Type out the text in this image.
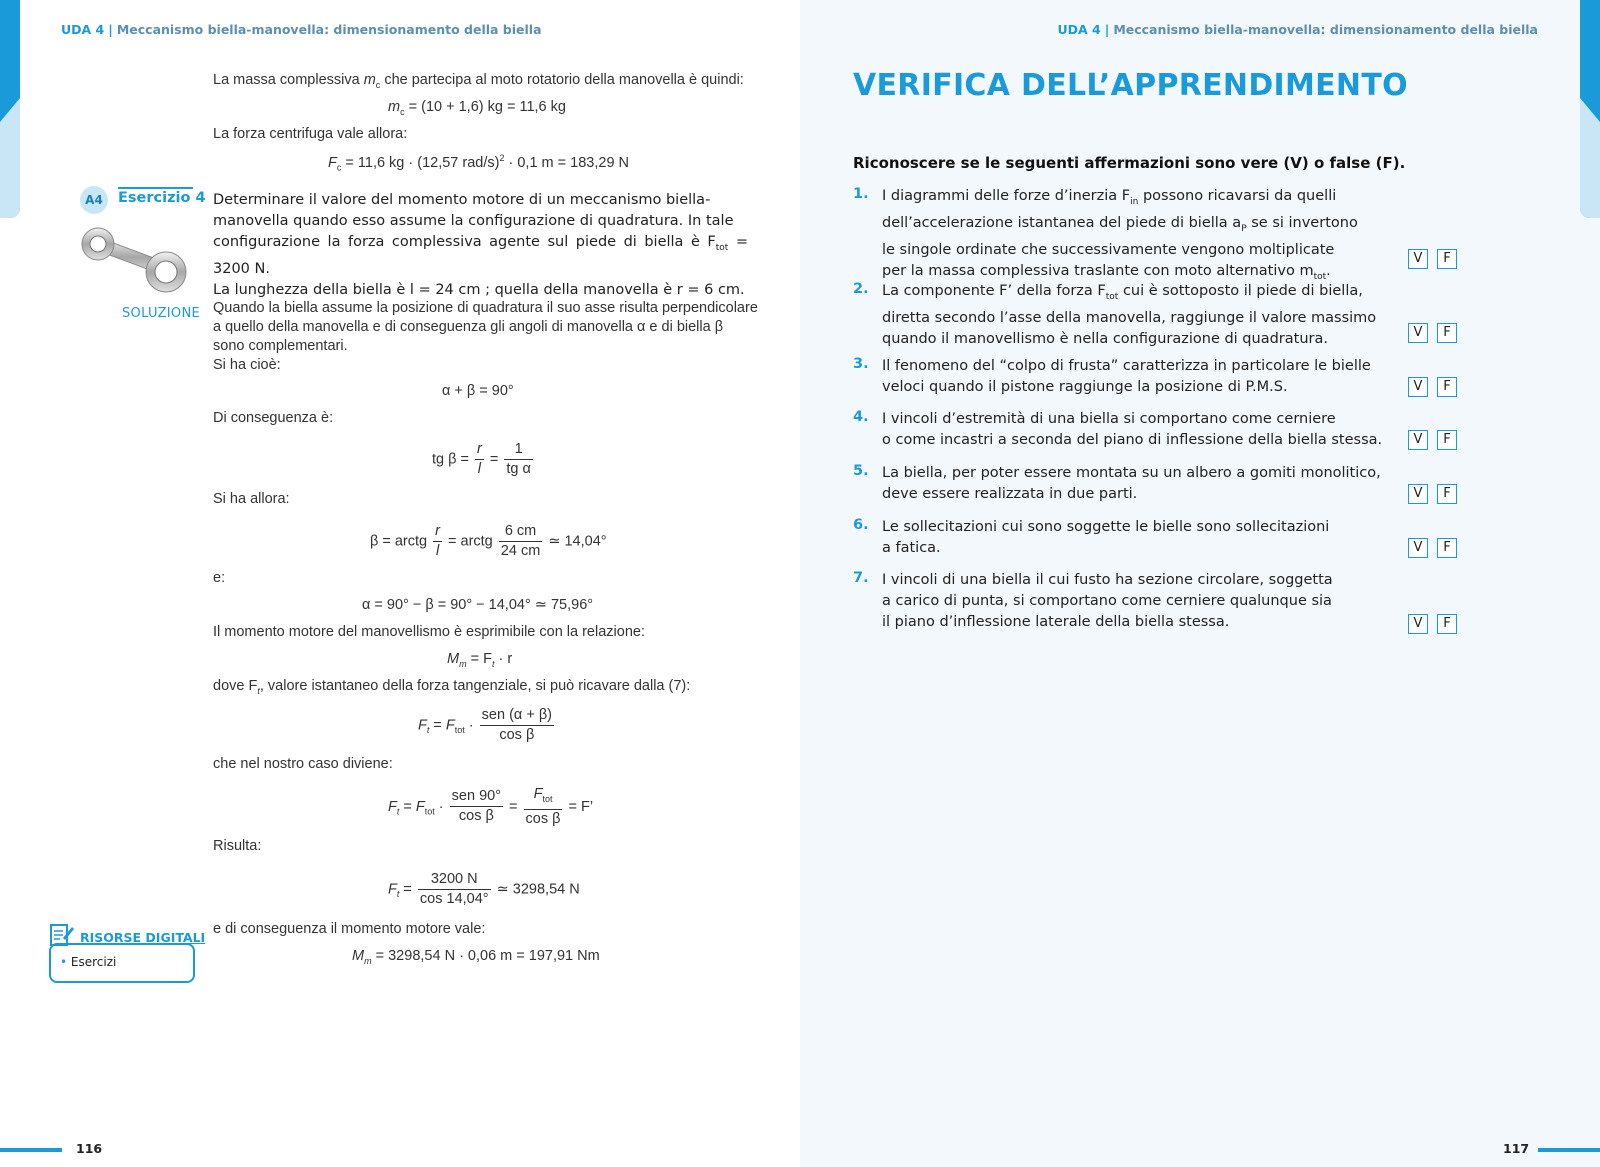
UDA 4 | Meccanismo biella-manovella: dimensionamento della biella
La massa complessiva $m_c$ che partecipa al moto rotatorio della manovella è quindi:
$m_c = (10 + 1,6)$ kg = 11,6 kg
La forza centrifuga vale allora:
$F_c = 11,6$ kg · (12,57 rad/s)$^2$ · 0,1 m = 183,29 N
A4	Esercizio 4 Determinare il valore del momento motore di un meccanismo biella-
manovella quando esso assume la configurazione di quadratura. In tale
configurazione la forza complessiva agente sul piede di biella è $F_{tot} = 3200$ N.
La lunghezza della biella è l = 24 cm ; quella della manovella è r = 6 cm.
SOLUZIONE Quando la biella assume la posizione di quadratura il suo asse risulta perpendicolare
a quello della manovella e di conseguenza gli angoli di manovella α e di biella β
sono complementari.
Si ha cioè:
α + β = 90°
Di conseguenza è:
tg $\beta = \frac{r}{l} = \frac{1}{\text{tg α}}$
Si ha allora:
β = arctg $\frac{r}{l}$ = arctg $\frac{6 cm}{24 cm}$ ≃ 14,04°
e:
α = 90° − β = 90° − 14,04° ≃ 75,96°
Il momento motore del manovellismo è esprimibile con la relazione:
$M_m = F_t \cdot r$
dove $F_t$, valore istantaneo della forza tangenziale, si può ricavare dalla (7):
$F_t = F_{tot} \cdot \frac{\text{sen (α + β)}}{\text{cos β}}$
che nel nostro caso diviene:
$F_t = F_{tot} \cdot \frac{\text{sen 90°}}{\text{cos β}} = \frac{F_{tot}}{\text{cos β}} = F$’
Risulta:
$F_t = \frac{3200 N}{\cos 14,04^\circ}$ ≃ 3298,54 N
e di conseguenza il momento motore vale:
$M_m = 3298,54$ N · 0,06 m = 197,91 Nm
RISORSE DIGITALI
• Esercizi
116
UDA 4 | Meccanismo biella-manovella: dimensionamento della biella
VERIFICA DELL’APPRENDIMENTO
Riconoscere se le seguenti affermazioni sono vere (V) o false (F).
1. I diagrammi delle forze d’inerzia $F_{in}$ possono ricavarsi da quelli
dell’accelerazione istantanea del piede di biella $a_P$ se si invertono
le singole ordinate che successivamente vengono moltiplicate
per la massa complessiva traslante con moto alternativo $m_{tot}$.
V	F
2. La componente F’ della forza $F_{tot}$ cui è sottoposto il piede di biella,
diretta secondo l’asse della manovella, raggiunge il valore massimo
quando il manovellismo è nella configurazione di quadratura.	V	F
3. Il fenomeno del “colpo di frusta” caratterizza in particolare le bielle
veloci quando il pistone raggiunge la posizione di P.M.S.	V	F
4. I vincoli d’estremità di una biella si comportano come cerniere
o come incastri a seconda del piano di inflessione della biella stessa.	V	F
5. La biella, per poter essere montata su un albero a gomiti monolitico,
deve essere realizzata in due parti.	V	F
6. Le sollecitazioni cui sono soggette le bielle sono sollecitazioni
a fatica.	V	F
7. I vincoli di una biella il cui fusto ha sezione circolare, soggetta
a carico di punta, si comportano come cerniere qualunque sia
il piano d’inflessione laterale della biella stessa.	V	F
117
